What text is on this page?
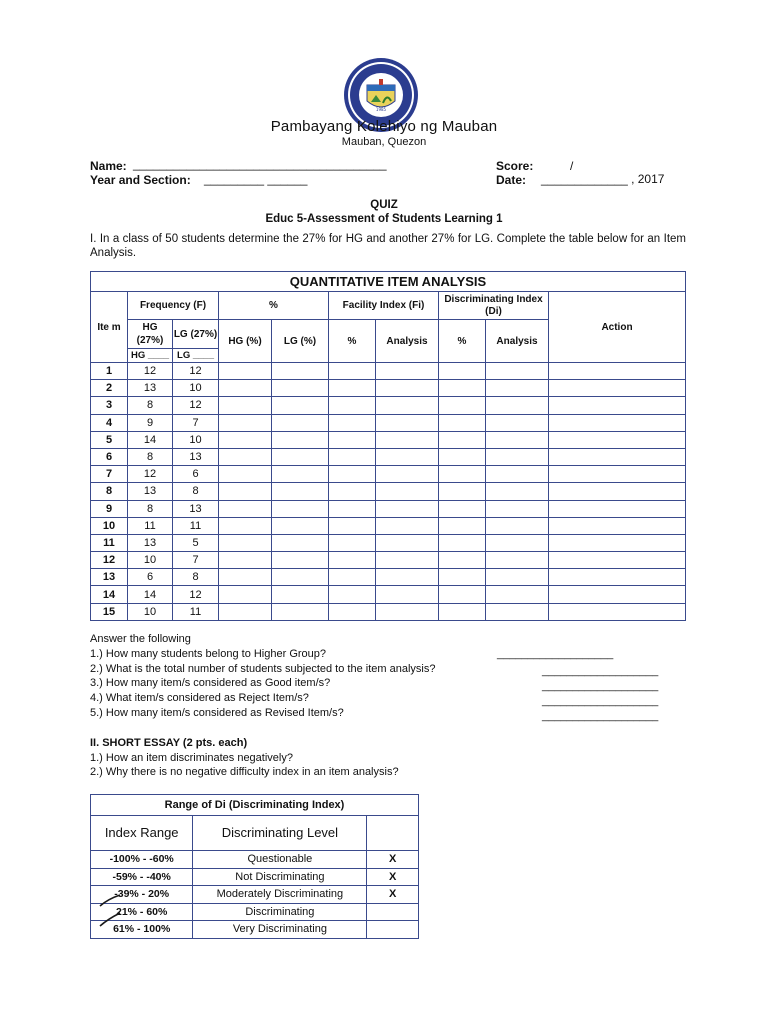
1985
Pambayang Kolehiyo ng Mauban
Mauban, Quezon
Name: ______________________________________	Score:	/
Year and Section: _________ ______	Date: _____________ , 2017
QUIZ
Educ 5-Assessment of Students Learning 1
I. In a class of 50 students determine the 27% for HG and another 27% for LG. Complete the table below for an Item Analysis.
QUANTITATIVE ITEM ANALYSIS									
Ite m	Frequency (F)		%		Facility Index (Fi)		Discriminating Index (Di)		Action
	HG (27%)	LG (27%)	HG (%)	LG (%)	%	Analysis	%	Analysis	
	HG ____	LG ____							
1	12	12							
2	13	10							
3	8	12							
4	9	7							
5	14	10							
6	8	13							
7	12	6							
8	13	8							
9	8	13							
10	11	11							
11	13	5							
12	10	7							
13	6	8							
14	14	12							
15	10	11							
Answer the following
1.) How many students belong to Higher Group?	___________________
2.) What is the total number of students subjected to the item analysis?	___________________
3.) How many item/s considered as Good item/s?	___________________
4.) What item/s considered as Reject Item/s?	___________________
5.) How many item/s considered as Revised Item/s?	___________________
II. SHORT ESSAY (2 pts. each)
1.) How an item discriminates negatively?
2.) Why there is no negative difficulty index in an item analysis?
Range of Di (Discriminating Index)		
Index Range	Discriminating Level	
-100% - -60%	Questionable	X
-59% - -40%	Not Discriminating	X
-39% - 20%	Moderately Discriminating	X
21% - 60%	Discriminating	
61% - 100%	Very Discriminating	
